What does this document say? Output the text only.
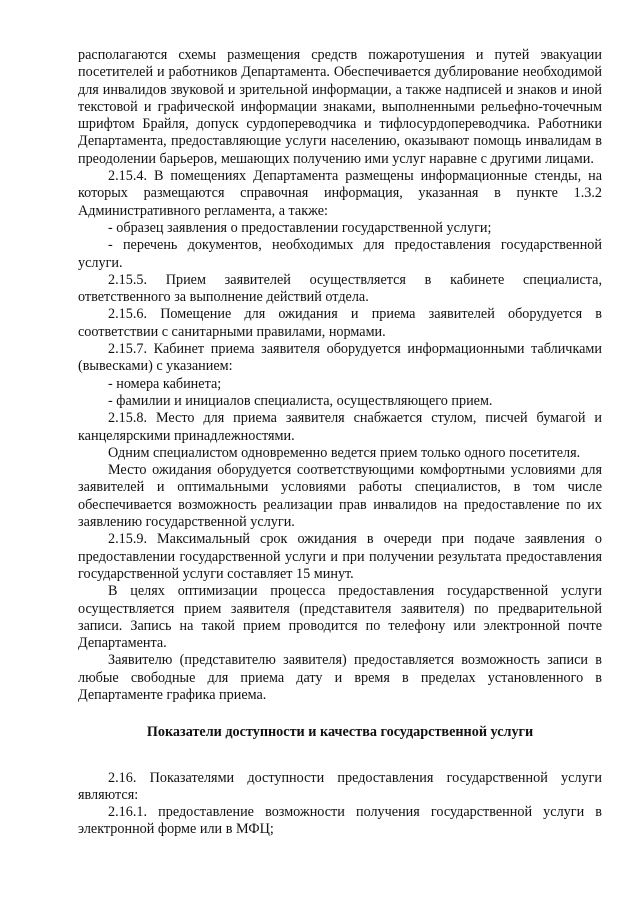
располагаются схемы размещения средств пожаротушения и путей эвакуации посетителей и работников Департамента. Обеспечивается дублирование необходимой для инвалидов звуковой и зрительной информации, а также надписей и знаков и иной текстовой и графической информации знаками, выполненными рельефно-точечным шрифтом Брайля, допуск сурдопереводчика и тифлосурдопереводчика. Работники Департамента, предоставляющие услуги населению, оказывают помощь инвалидам в преодолении барьеров, мешающих получению ими услуг наравне с другими лицами.

2.15.4. В помещениях Департамента размещены информационные стенды, на которых размещаются справочная информация, указанная в пункте 1.3.2 Административного регламента, а также:

- образец заявления о предоставлении государственной услуги;

- перечень документов, необходимых для предоставления государственной услуги.

2.15.5. Прием заявителей осуществляется в кабинете специалиста, ответственного за выполнение действий отдела.

2.15.6. Помещение для ожидания и приема заявителей оборудуется в соответствии с санитарными правилами, нормами.

2.15.7. Кабинет приема заявителя оборудуется информационными табличками (вывесками) с указанием:

- номера кабинета;

- фамилии и инициалов специалиста, осуществляющего прием.

2.15.8. Место для приема заявителя снабжается стулом, писчей бумагой и канцелярскими принадлежностями.

Одним специалистом одновременно ведется прием только одного посетителя.

Место ожидания оборудуется соответствующими комфортными условиями для заявителей и оптимальными условиями работы специалистов, в том числе обеспечивается возможность реализации прав инвалидов на предоставление по их заявлению государственной услуги.

2.15.9. Максимальный срок ожидания в очереди при подаче заявления о предоставлении государственной услуги и при получении результата предоставления государственной услуги составляет 15 минут.

В целях оптимизации процесса предоставления государственной услуги осуществляется прием заявителя (представителя заявителя) по предварительной записи. Запись на такой прием проводится по телефону или электронной почте Департамента.

Заявителю (представителю заявителя) предоставляется возможность записи в любые свободные для приема дату и время в пределах установленного в Департаменте графика приема.

Показатели доступности и качества государственной услуги

2.16. Показателями доступности предоставления государственной услуги являются:

2.16.1. предоставление возможности получения государственной услуги в электронной форме или в МФЦ;
